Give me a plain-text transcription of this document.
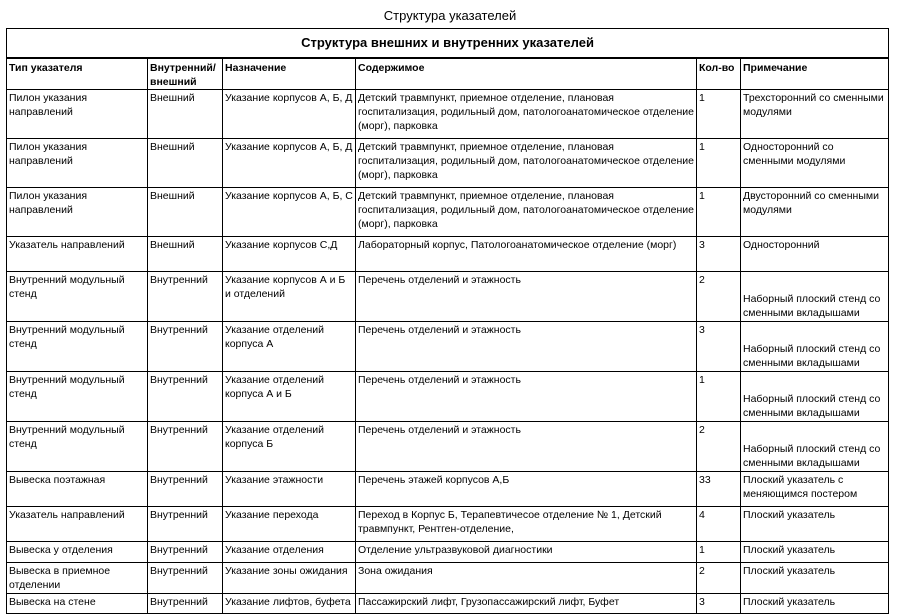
Структура указателей
Структура внешних и внутренних указателей					
Тип указателя	Внутренний/ внешний	Назначение	Содержимое	Кол-во	Примечание
Пилон указания направлений	Внешний	Указание корпусов А, Б, Д	Детский травмпункт, приемное отделение, плановая госпитализация, родильный дом, патологоанатомическое отделение (морг), парковка	1	Трехсторонний со сменными модулями
Пилон указания направлений	Внешний	Указание корпусов А, Б, Д	Детский травмпункт, приемное отделение, плановая госпитализация, родильный дом, патологоанатомическое отделение (морг), парковка	1	Односторонний со сменными модулями
Пилон указания направлений	Внешний	Указание корпусов А, Б, С	Детский травмпункт, приемное отделение, плановая госпитализация, родильный дом, патологоанатомическое отделение (морг), парковка	1	Двусторонний со сменными модулями
Указатель направлений	Внешний	Указание корпусов С,Д	Лабораторный корпус, Патологоанатомическое отделение (морг)	3	Односторонний
Внутренний модульный стенд	Внутренний	Указание корпусов А и Б и отделений	Перечень отделений и этажность	2	Наборный плоский стенд со сменными вкладышами
Внутренний модульный стенд	Внутренний	Указание отделений корпуса А	Перечень отделений и этажность	3	Наборный плоский стенд со сменными вкладышами
Внутренний модульный стенд	Внутренний	Указание отделений корпуса А и Б	Перечень отделений и этажность	1	Наборный плоский стенд со сменными вкладышами
Внутренний модульный стенд	Внутренний	Указание отделений корпуса Б	Перечень отделений и этажность	2	Наборный плоский стенд со сменными вкладышами
Вывеска поэтажная	Внутренний	Указание этажности	Перечень этажей корпусов А,Б	33	Плоский указатель с меняющимся постером
Указатель направлений	Внутренний	Указание перехода	Переход в Корпус Б, Терапевтичесое отделение № 1, Детский травмпункт, Рентген-отделение,	4	Плоский указатель
Вывеска у отделения	Внутренний	Указание отделения	Отделение ультразвуковой диагностики	1	Плоский указатель
Вывеска в приемное отделении	Внутренний	Указание зоны ожидания	Зона ожидания	2	Плоский указатель
Вывеска на стене	Внутренний	Указание лифтов, буфета	Пассажирский лифт, Грузопассажирский лифт, Буфет	3	Плоский указатель
